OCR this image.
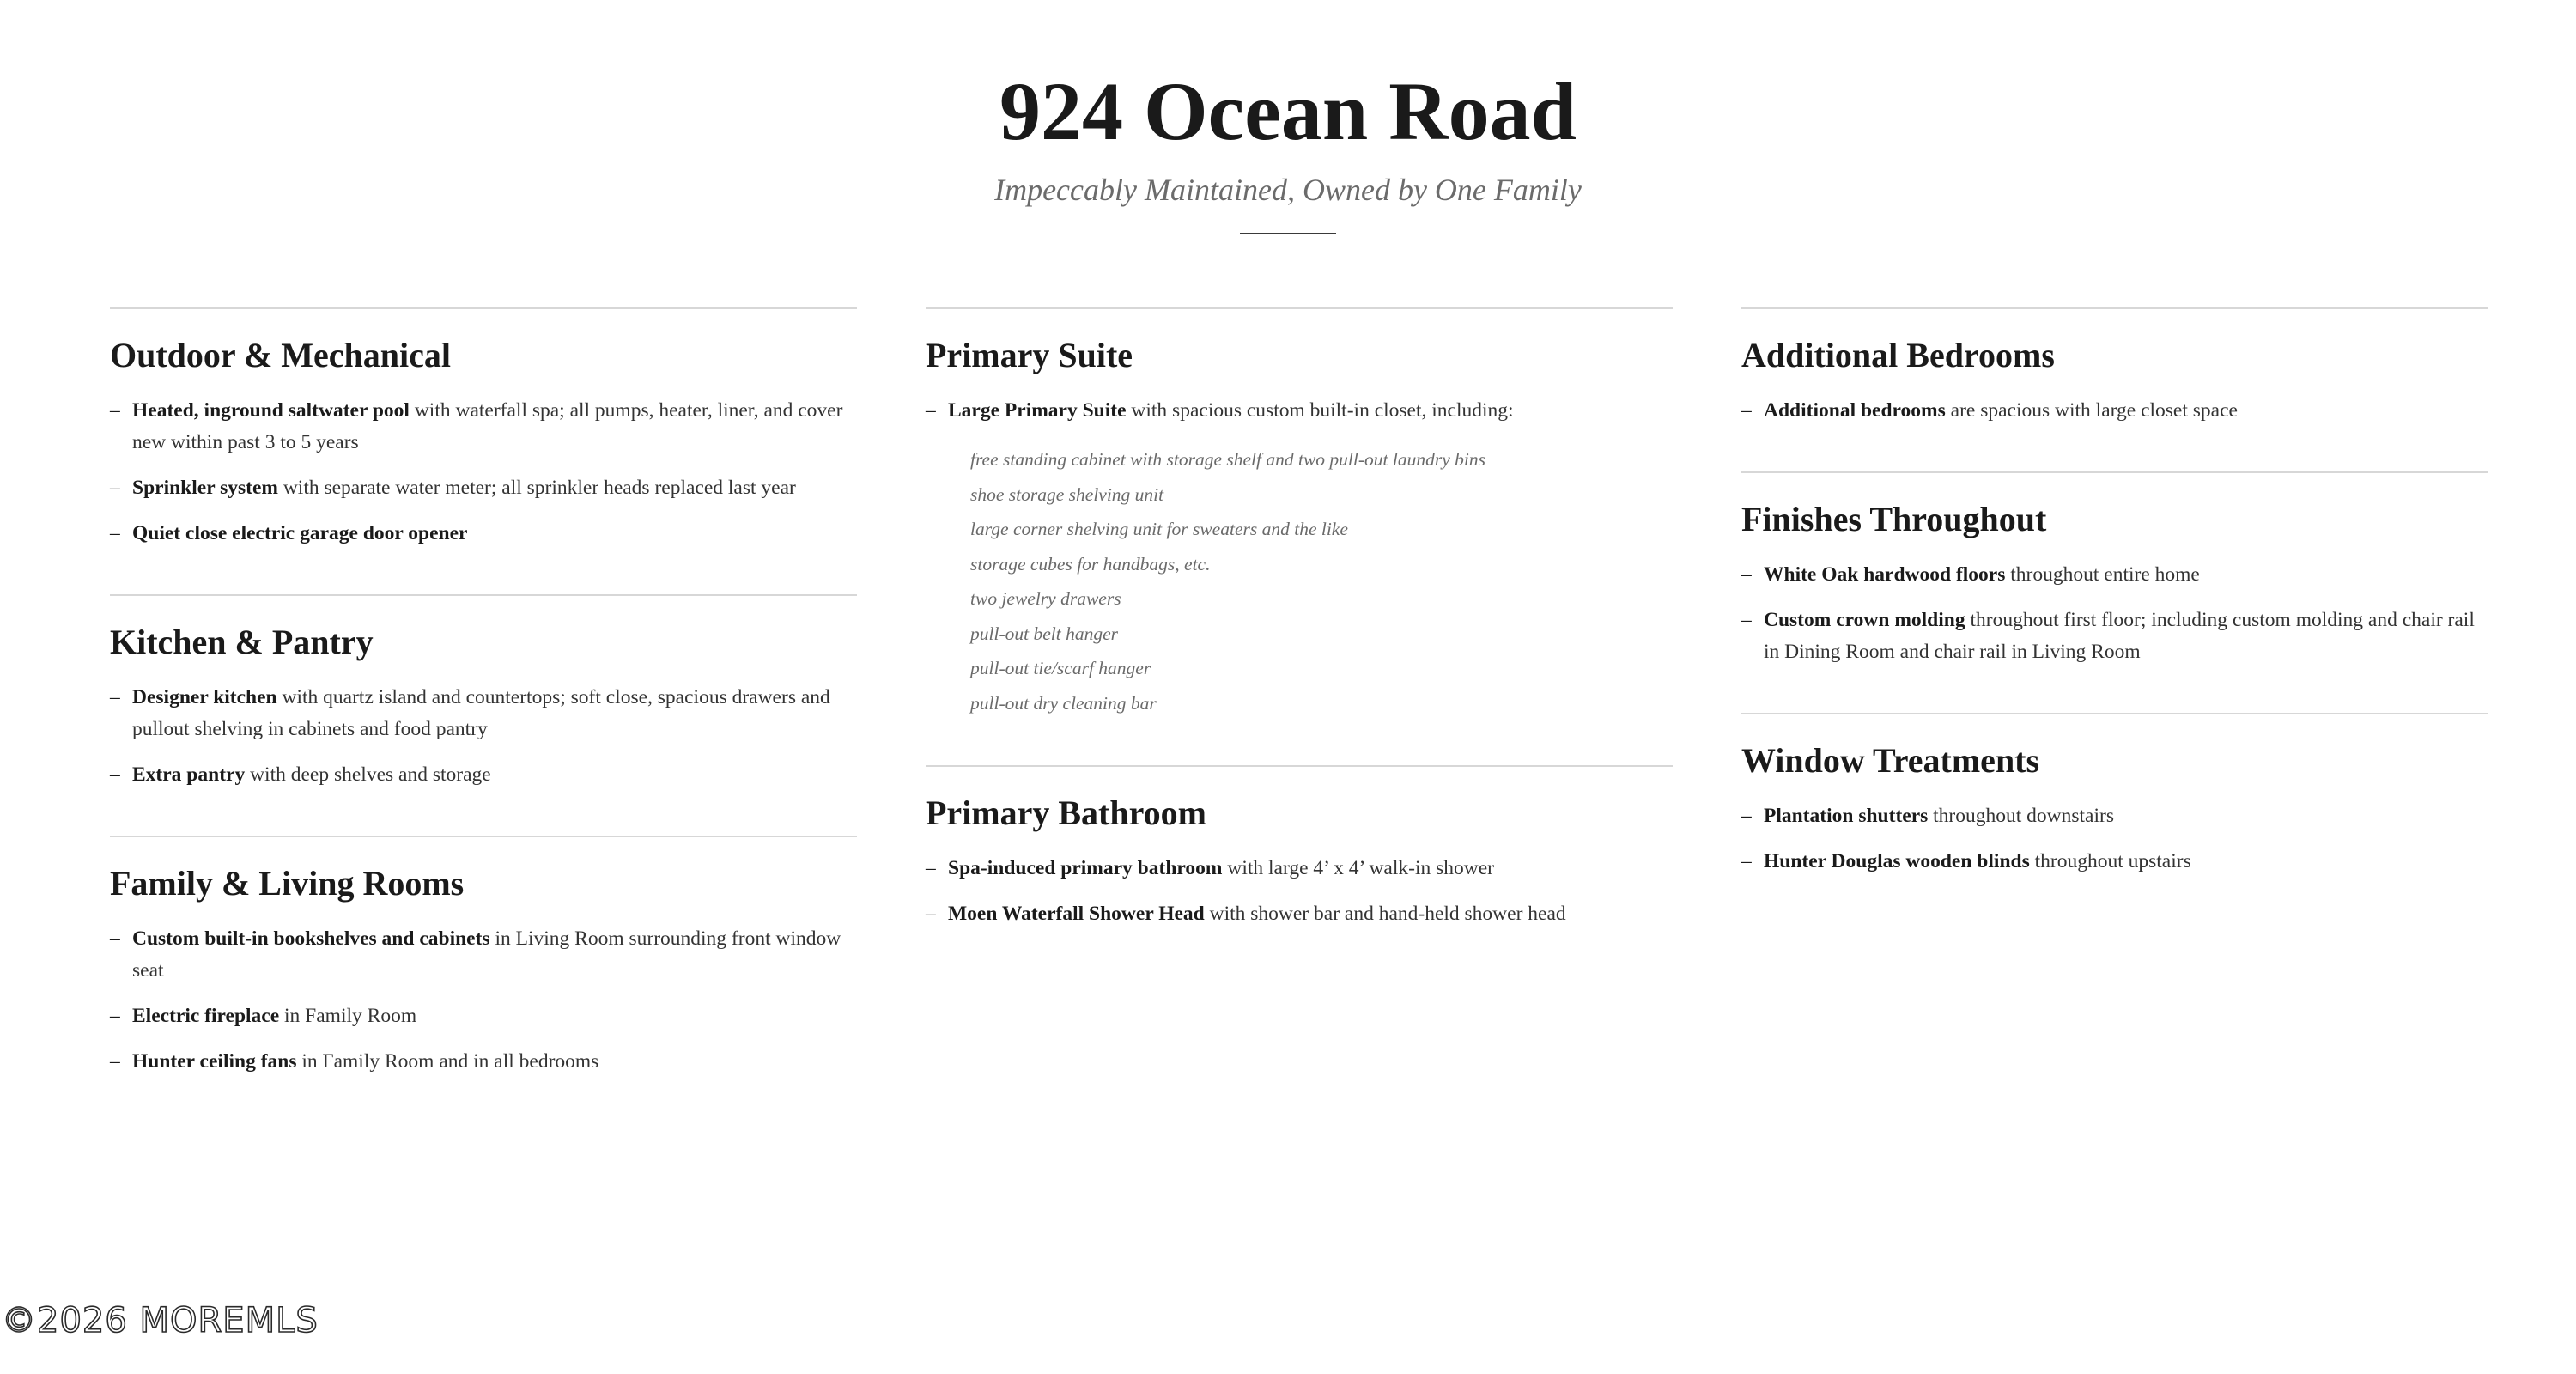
924 Ocean Road
Impeccably Maintained, Owned by One Family
Outdoor & Mechanical
– Heated, inground saltwater pool with waterfall spa; all pumps, heater, liner, and cover new within past 3 to 5 years
– Sprinkler system with separate water meter; all sprinkler heads replaced last year
– Quiet close electric garage door opener
Kitchen & Pantry
– Designer kitchen with quartz island and countertops; soft close, spacious drawers and pullout shelving in cabinets and food pantry
– Extra pantry with deep shelves and storage
Family & Living Rooms
– Custom built-in bookshelves and cabinets in Living Room surrounding front window seat
– Electric fireplace in Family Room
– Hunter ceiling fans in Family Room and in all bedrooms
Primary Suite
– Large Primary Suite with spacious custom built-in closet, including:
free standing cabinet with storage shelf and two pull-out laundry bins
shoe storage shelving unit
large corner shelving unit for sweaters and the like
storage cubes for handbags, etc.
two jewelry drawers
pull-out belt hanger
pull-out tie/scarf hanger
pull-out dry cleaning bar
Primary Bathroom
– Spa-induced primary bathroom with large 4’ x 4’ walk-in shower
– Moen Waterfall Shower Head with shower bar and hand-held shower head
Additional Bedrooms
– Additional bedrooms are spacious with large closet space
Finishes Throughout
– White Oak hardwood floors throughout entire home
– Custom crown molding throughout first floor; including custom molding and chair rail in Dining Room and chair rail in Living Room
Window Treatments
– Plantation shutters throughout downstairs
– Hunter Douglas wooden blinds throughout upstairs
©2026 MOREMLS
